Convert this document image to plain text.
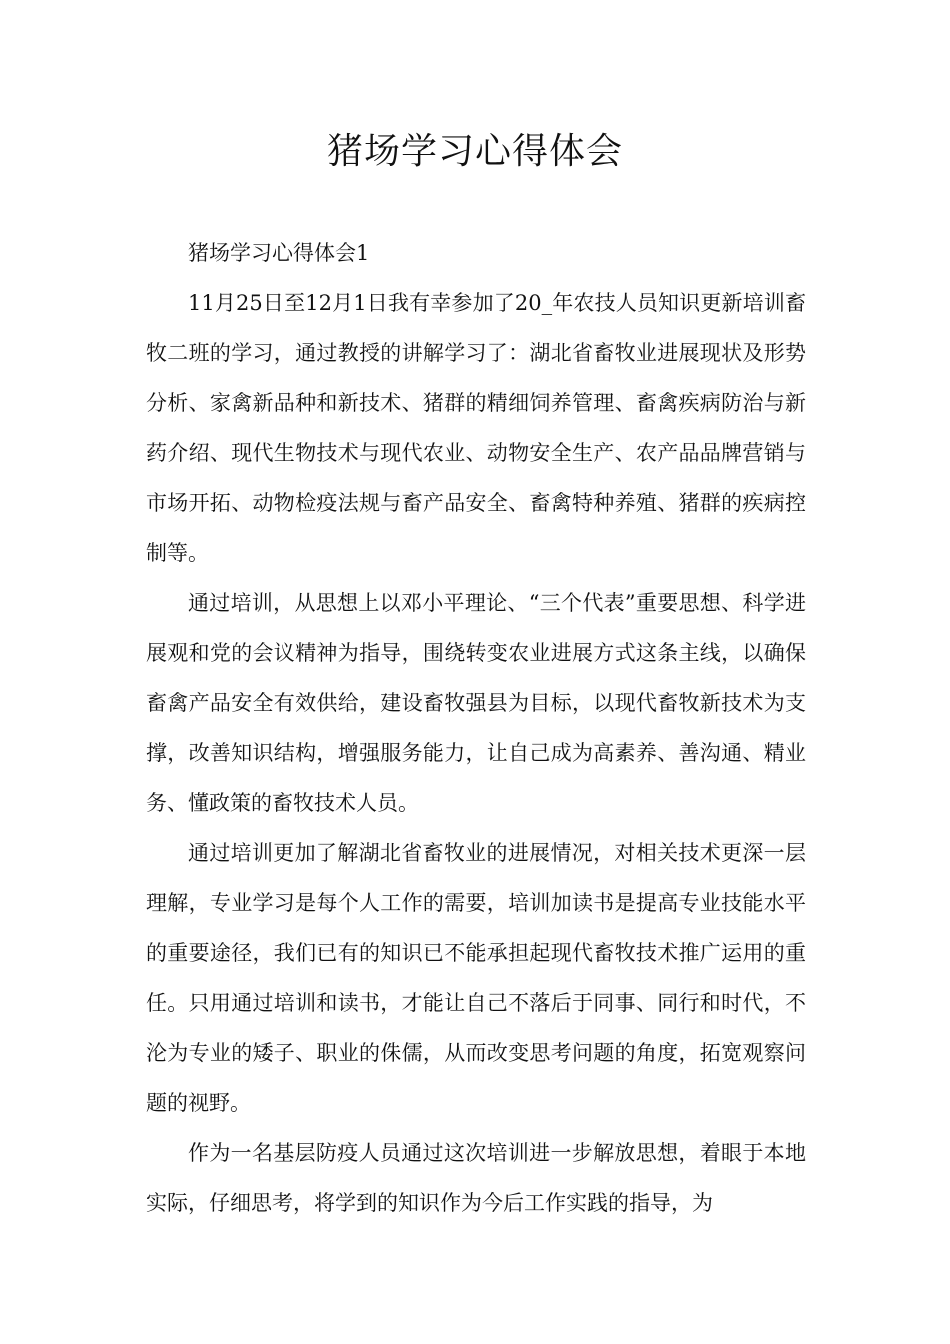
猪场学习心得体会

猪场学习心得体会1

11月25日至12月1日我有幸参加了20_年农技人员知识更新培训畜牧二班的学习，通过教授的讲解学习了：湖北省畜牧业进展现状及形势分析、家禽新品种和新技术、猪群的精细饲养管理、畜禽疾病防治与新药介绍、现代生物技术与现代农业、动物安全生产、农产品品牌营销与市场开拓、动物检疫法规与畜产品安全、畜禽特种养殖、猪群的疾病控制等。

通过培训，从思想上以邓小平理论、“三个代表”重要思想、科学进展观和党的会议精神为指导，围绕转变农业进展方式这条主线，以确保畜禽产品安全有效供给，建设畜牧强县为目标，以现代畜牧新技术为支撑，改善知识结构，增强服务能力，让自己成为高素养、善沟通、精业务、懂政策的畜牧技术人员。

通过培训更加了解湖北省畜牧业的进展情况，对相关技术更深一层理解，专业学习是每个人工作的需要，培训加读书是提高专业技能水平的重要途径，我们已有的知识已不能承担起现代畜牧技术推广运用的重任。只用通过培训和读书，才能让自己不落后于同事、同行和时代，不沦为专业的矮子、职业的侏儒，从而改变思考问题的角度，拓宽观察问题的视野。

作为一名基层防疫人员通过这次培训进一步解放思想，着眼于本地实际，仔细思考，将学到的知识作为今后工作实践的指导，为
